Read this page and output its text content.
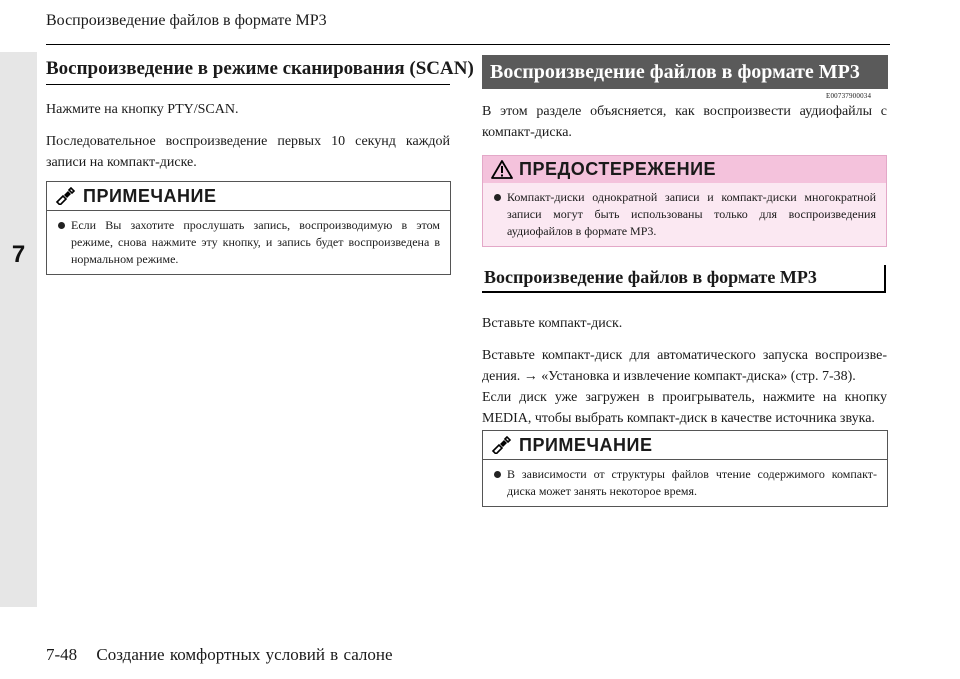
7
Воспроизведение файлов в формате MP3
Воспроизведение в режиме сканирования (SCAN)
Нажмите на кнопку PTY/SCAN.
Последовательное воспроизведение первых 10 секунд каждой записи на компакт-диске.
ПРИМЕЧАНИЕ
Если Вы захотите прослушать запись, воспроизводимую в этом режиме, снова нажмите эту кнопку, и запись будет воспроизведена в нормальном режиме.
Воспроизведение файлов в формате MP3
E00737900034
В этом разделе объясняется, как воспроизвести аудиофайлы с компакт-диска.
ПРЕДОСТЕРЕЖЕНИЕ
Компакт-диски однократной записи и компакт-диски многократной записи могут быть использованы только для воспроизведения аудиофайлов в формате MP3.
Воспроизведение файлов в формате MP3
Вставьте компакт-диск.
Вставьте компакт-диск для автоматического запуска воспроизве-дения. → «Установка и извлечение компакт-диска» (стр. 7-38).
Если диск уже загружен в проигрыватель, нажмите на кнопку MEDIA, чтобы выбрать компакт-диск в качестве источника звука.
ПРИМЕЧАНИЕ
В зависимости от структуры файлов чтение содержимого компакт-диска может занять некоторое время.
7-48 Создание комфортных условий в салоне
